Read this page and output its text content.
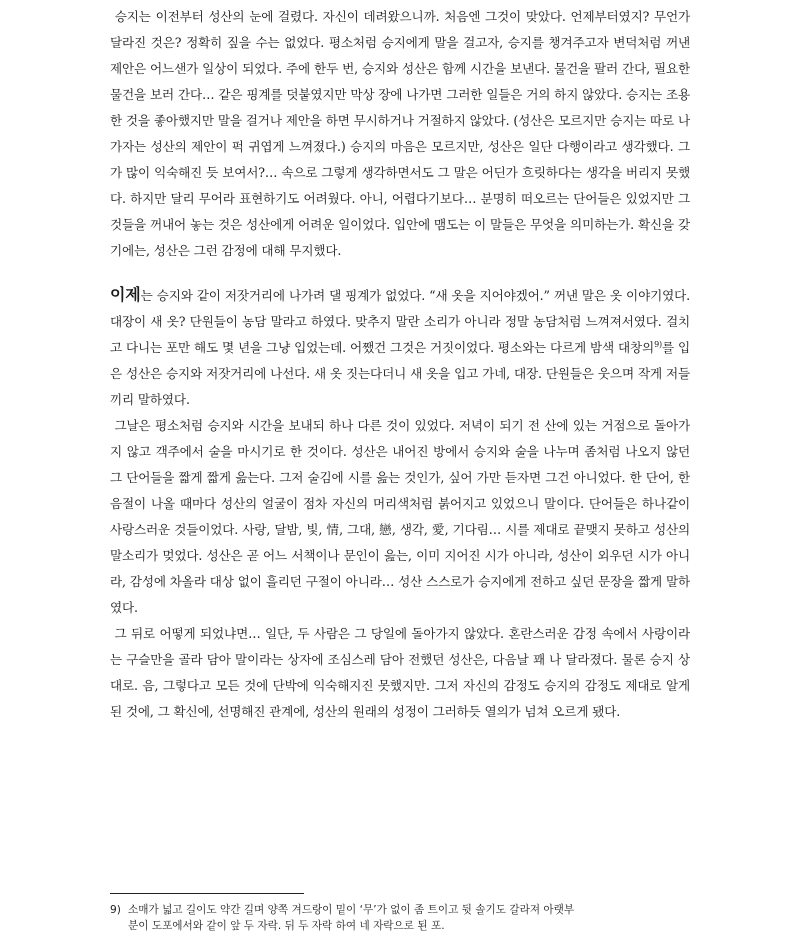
승지는 이전부터 성산의 눈에 걸렸다. 자신이 데려왔으니까. 처음엔 그것이 맞았다. 언제부터였지? 무언가 달라진 것은? 정확히 짚을 수는 없었다. 평소처럼 승지에게 말을 걸고자, 승지를 챙겨주고자 변덕처럼 꺼낸 제안은 어느샌가 일상이 되었다. 주에 한두 번, 승지와 성산은 함께 시간을 보낸다. 물건을 팔러 간다, 필요한 물건을 보러 간다… 같은 핑계를 덧붙였지만 막상 장에 나가면 그러한 일들은 거의 하지 않았다. 승지는 조용한 것을 좋아했지만 말을 걸거나 제안을 하면 무시하거나 거절하지 않았다. (성산은 모르지만 승지는 따로 나가자는 성산의 제안이 퍽 귀엽게 느껴졌다.) 승지의 마음은 모르지만, 성산은 일단 다행이라고 생각했다. 그가 많이 익숙해진 듯 보여서?… 속으로 그렇게 생각하면서도 그 말은 어딘가 흐릿하다는 생각을 버리지 못했다. 하지만 달리 무어라 표현하기도 어려웠다. 아니, 어렵다기보다… 분명히 떠오르는 단어들은 있었지만 그것들을 꺼내어 놓는 것은 성산에게 어려운 일이었다. 입안에 맴도는 이 말들은 무엇을 의미하는가. 확신을 갖기에는, 성산은 그런 감정에 대해 무지했다.

이제는 승지와 같이 저잣거리에 나가려 댈 핑계가 없었다. “새 옷을 지어야겠어.” 꺼낸 말은 옷 이야기였다. 대장이 새 옷? 단원들이 농담 말라고 하였다. 맞추지 말란 소리가 아니라 정말 농담처럼 느껴져서였다. 걸치고 다니는 포만 해도 몇 년을 그냥 입었는데. 어쨌건 그것은 거짓이었다. 평소와는 다르게 밤색 대창의$^{9)}$를 입은 성산은 승지와 저잣거리에 나선다. 새 옷 짓는다더니 새 옷을 입고 가네, 대장. 단원들은 웃으며 작게 저들끼리 말하였다.

그날은 평소처럼 승지와 시간을 보내되 하나 다른 것이 있었다. 저녁이 되기 전 산에 있는 거점으로 돌아가지 않고 객주에서 술을 마시기로 한 것이다. 성산은 내어진 방에서 승지와 술을 나누며 좀처럼 나오지 않던 그 단어들을 짧게 짧게 읊는다. 그저 술김에 시를 읊는 것인가, 싶어 가만 듣자면 그건 아니었다. 한 단어, 한 음절이 나올 때마다 성산의 얼굴이 점차 자신의 머리색처럼 붉어지고 있었으니 말이다. 단어들은 하나같이 사랑스러운 것들이었다. 사랑, 달밤, 빛, 情, 그대, 戀, 생각, 愛, 기다림… 시를 제대로 끝맺지 못하고 성산의 말소리가 멎었다. 성산은 곧 어느 서책이나 문인이 읊는, 이미 지어진 시가 아니라, 성산이 외우던 시가 아니라, 감성에 차올라 대상 없이 흘리던 구절이 아니라… 성산 스스로가 승지에게 전하고 싶던 문장을 짧게 말하였다.

그 뒤로 어떻게 되었냐면… 일단, 두 사람은 그 당일에 돌아가지 않았다. 혼란스러운 감정 속에서 사랑이라는 구슬만을 골라 담아 말이라는 상자에 조심스레 담아 전했던 성산은, 다음날 꽤 나 달라졌다. 물론 승지 상대로. 음, 그렇다고 모든 것에 단박에 익숙해지진 못했지만. 그저 자신의 감정도 승지의 감정도 제대로 알게 된 것에, 그 확신에, 선명해진 관계에, 성산의 원래의 성정이 그러하듯 열의가 넘쳐 오르게 됐다.

9) 소매가 넓고 길이도 약간 길며 양쪽 겨드랑이 밑이 ‘무’가 없이 좀 트이고 뒷 솔기도 갈라져 아랫부
분이 도포에서와 같이 앞 두 자락. 뒤 두 자락 하여 네 자락으로 된 포.
